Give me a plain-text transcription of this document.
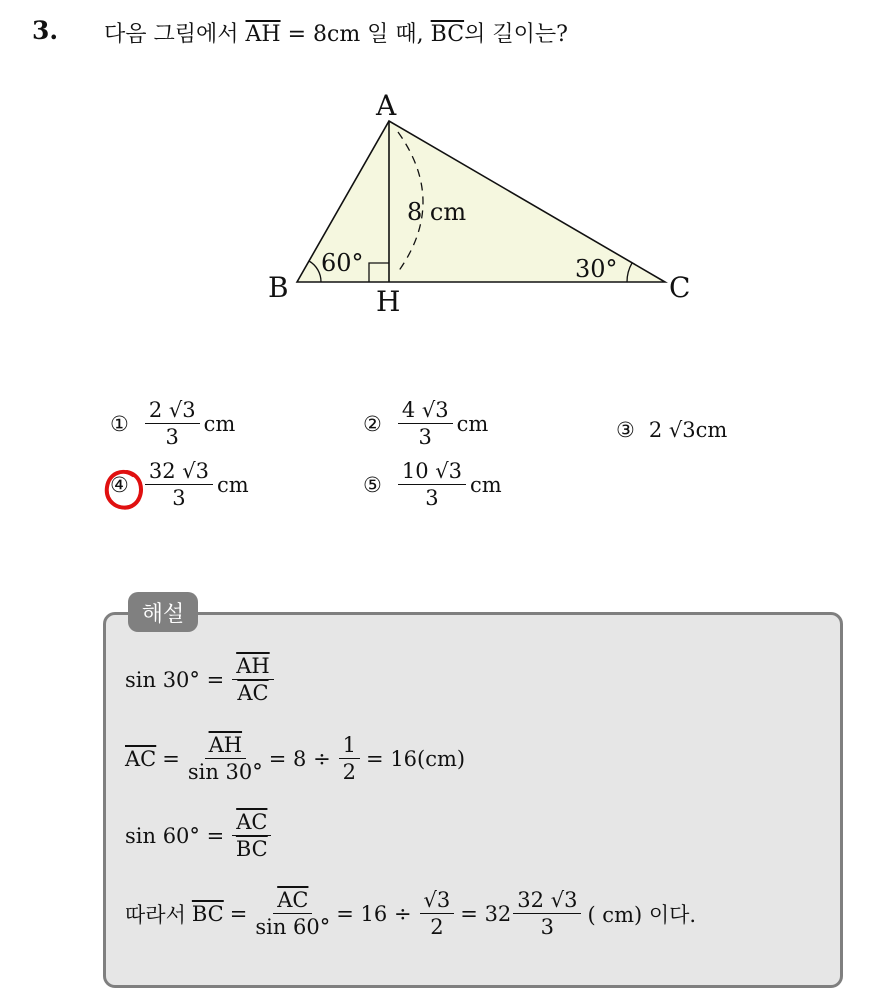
3. 다음 그림에서 $\overline{AH} = 8cm$ 일 때, $\overline{BC}$의 길이는?
A
B	C
H
8 cm
60°	30°
① $\frac{2 √3}{3}$ cm	② $\frac{4 √3}{3}$ cm	③ 2 √3cm
④ $\frac{32 √3}{3}$ cm	⑤ $\frac{10 √3}{3}$ cm
해설
$\sin 30^\circ = \frac{\overline{AH}}{AC}$
$\overline{AC} = \frac{\overline{AH}}{\sin 30^\circ} = 8 \div \frac{1}{2} = 16(cm)$
$\sin 60^\circ = \frac{\overline{AC}}{BC}$
따라서 $\overline{BC} = \frac{\overline{AC}}{\sin 60^\circ} = 16 \div \frac{√3}{2} = 32 \frac{32 √3}{3}$ ( cm) 이다.
